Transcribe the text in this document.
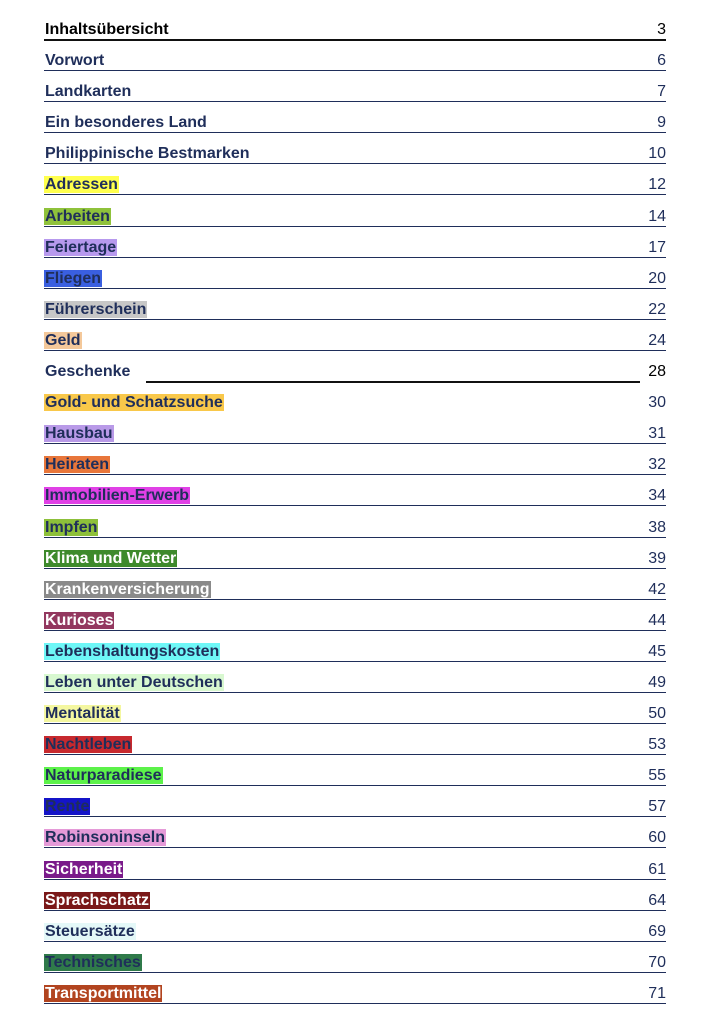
Inhaltsübersicht	3
Vorwort	6
Landkarten	7
Ein besonderes Land	9
Philippinische Bestmarken	10
Adressen	12
Arbeiten	14
Feiertage	17
Fliegen	20
Führerschein	22
Geld	24
Geschenke	28
Gold- und Schatzsuche	30
Hausbau	31
Heiraten	32
Immobilien-Erwerb	34
Impfen	38
Klima und Wetter	39
Krankenversicherung	42
Kurioses	44
Lebenshaltungskosten	45
Leben unter Deutschen	49
Mentalität	50
Nachtleben	53
Naturparadiese	55
Rente	57
Robinsoninseln	60
Sicherheit	61
Sprachschatz	64
Steuersätze	69
Technisches	70
Transportmittel	71
